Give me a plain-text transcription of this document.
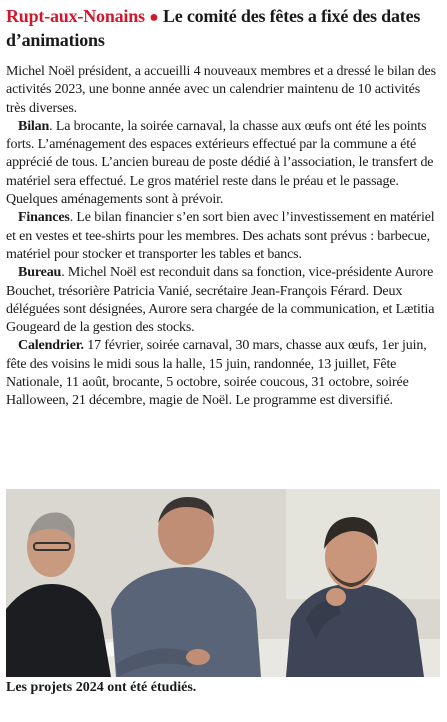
Rupt-aux-Nonains ● Le comité des fêtes a fixé des dates d’animations

Michel Noël président, a accueilli 4 nouveaux membres et a dressé le bilan des activités 2023, une bonne année avec un calendrier maintenu de 10 activités très diverses.

Bilan. La brocante, la soirée carnaval, la chasse aux œufs ont été les points forts. L’aménagement des espaces extérieurs effectué par la commune a été apprécié de tous. L’ancien bureau de poste dédié à l’association, le transfert de matériel sera effectué. Le gros matériel reste dans le préau et le passage. Quelques aménagements sont à prévoir.

Finances. Le bilan financier s’en sort bien avec l’investissement en matériel et en vestes et tee-shirts pour les membres. Des achats sont prévus : barbecue, matériel pour stocker et transporter les tables et bancs.

Bureau. Michel Noël est reconduit dans sa fonction, vice-présidente Aurore Bouchet, trésorière Patricia Vanié, secrétaire Jean-François Férard. Deux déléguées sont désignées, Aurore sera chargée de la communication, et Lætitia Gougeard de la gestion des stocks.

Calendrier. 17 février, soirée carnaval, 30 mars, chasse aux œufs, 1er juin, fête des voisins le midi sous la halle, 15 juin, randonnée, 13 juillet, Fête Nationale, 11 août, brocante, 5 octobre, soirée coucous, 31 octobre, soirée Halloween, 21 décembre, magie de Noël. Le programme est diversifié.

Les projets 2024 ont été étudiés.
